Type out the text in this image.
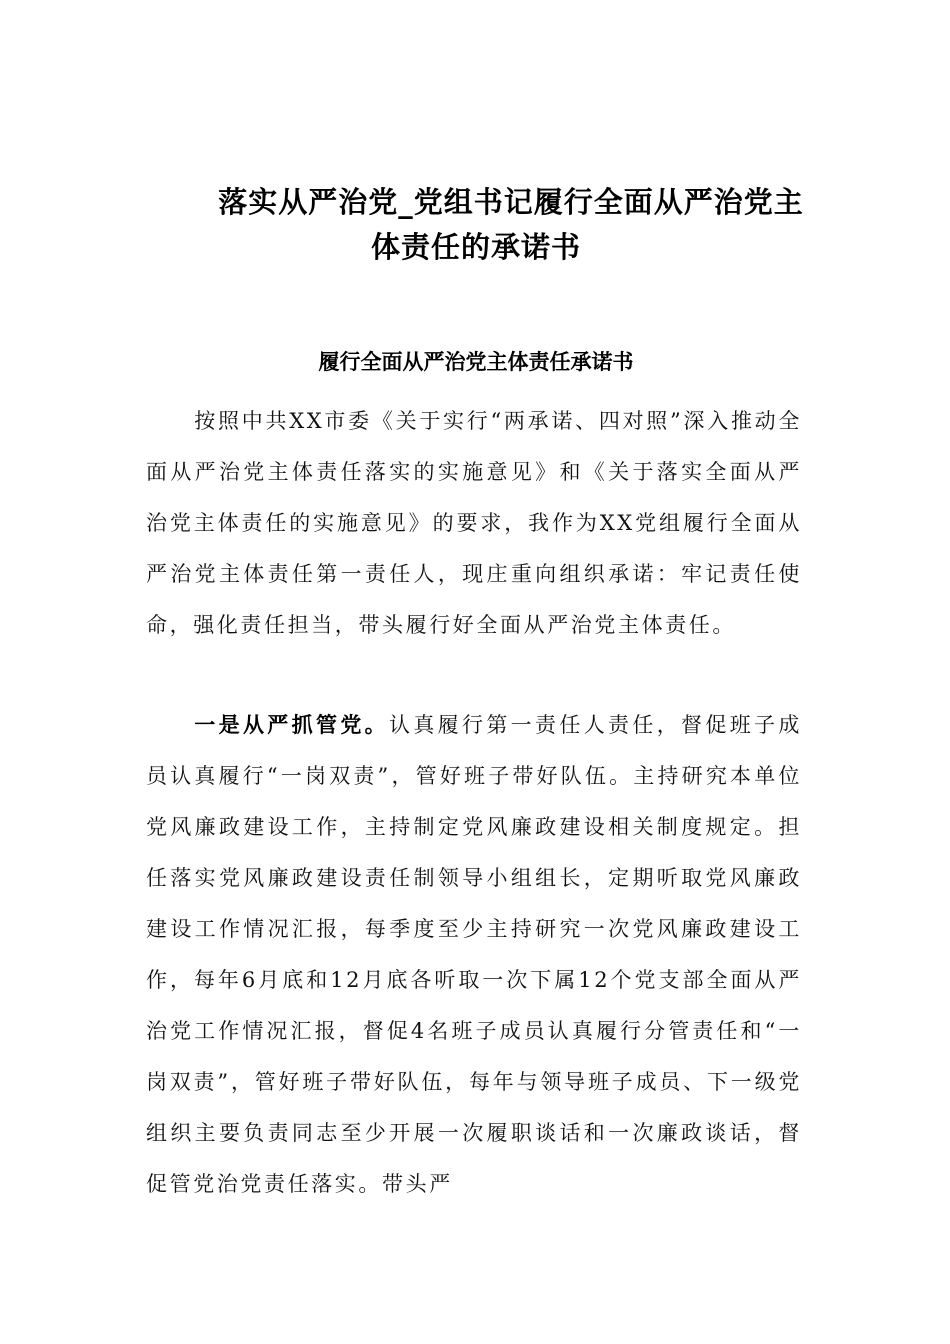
落实从严治党_党组书记履行全面从严治党主
体责任的承诺书
履行全面从严治党主体责任承诺书

按照中共XX市委《关于实行“两承诺、四对照”深入推动全面从严治党主体责任落实的实施意见》和《关于落实全面从严治党主体责任的实施意见》的要求，我作为XX党组履行全面从严治党主体责任第一责任人，现庄重向组织承诺：牢记责任使命，强化责任担当，带头履行好全面从严治党主体责任。

一是从严抓管党。认真履行第一责任人责任，督促班子成员认真履行“一岗双责”，管好班子带好队伍。主持研究本单位党风廉政建设工作，主持制定党风廉政建设相关制度规定。担任落实党风廉政建设责任制领导小组组长，定期听取党风廉政建设工作情况汇报，每季度至少主持研究一次党风廉政建设工作，每年6月底和12月底各听取一次下属12个党支部全面从严治党工作情况汇报，督促4名班子成员认真履行分管责任和“一岗双责”，管好班子带好队伍，每年与领导班子成员、下一级党组织主要负责同志至少开展一次履职谈话和一次廉政谈话，督促管党治党责任落实。带头严
